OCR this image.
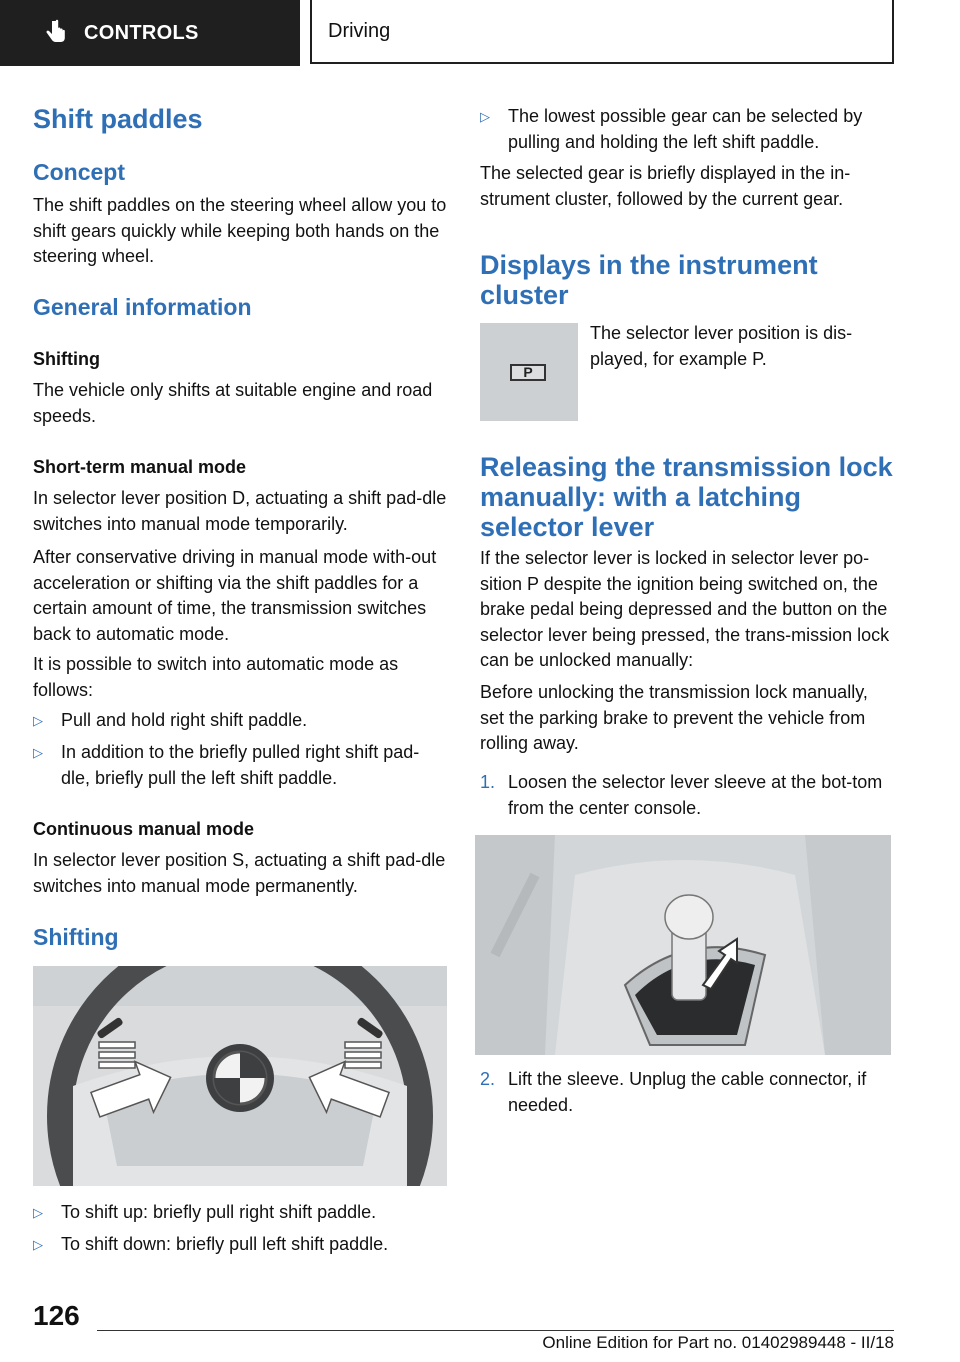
CONTROLS	Driving
Shift paddles
Concept
The shift paddles on the steering wheel allow you to shift gears quickly while keeping both hands on the steering wheel.
General information
Shifting
The vehicle only shifts at suitable engine and road speeds.
Short-term manual mode
In selector lever position D, actuating a shift pad‐dle switches into manual mode temporarily.
After conservative driving in manual mode with‐out acceleration or shifting via the shift paddles for a certain amount of time, the transmission switches back to automatic mode.
It is possible to switch into automatic mode as follows:
▷ Pull and hold right shift paddle.
▷ In addition to the briefly pulled right shift pad‐dle, briefly pull the left shift paddle.
Continuous manual mode
In selector lever position S, actuating a shift pad‐dle switches into manual mode permanently.
Shifting
▷ To shift up: briefly pull right shift paddle.
▷ To shift down: briefly pull left shift paddle.
▷ The lowest possible gear can be selected by pulling and holding the left shift paddle.
The selected gear is briefly displayed in the in‐strument cluster, followed by the current gear.
Displays in the instrument cluster
P
The selector lever position is dis‐played, for example P.
Releasing the transmission lock manually: with a latching selector lever
If the selector lever is locked in selector lever po‐sition P despite the ignition being switched on, the brake pedal being depressed and the button on the selector lever being pressed, the trans‐mission lock can be unlocked manually:
Before unlocking the transmission lock manually, set the parking brake to prevent the vehicle from rolling away.
1. Loosen the selector lever sleeve at the bot‐tom from the center console.
2. Lift the sleeve. Unplug the cable connector, if needed.
126
Online Edition for Part no. 01402989448 - II/18
